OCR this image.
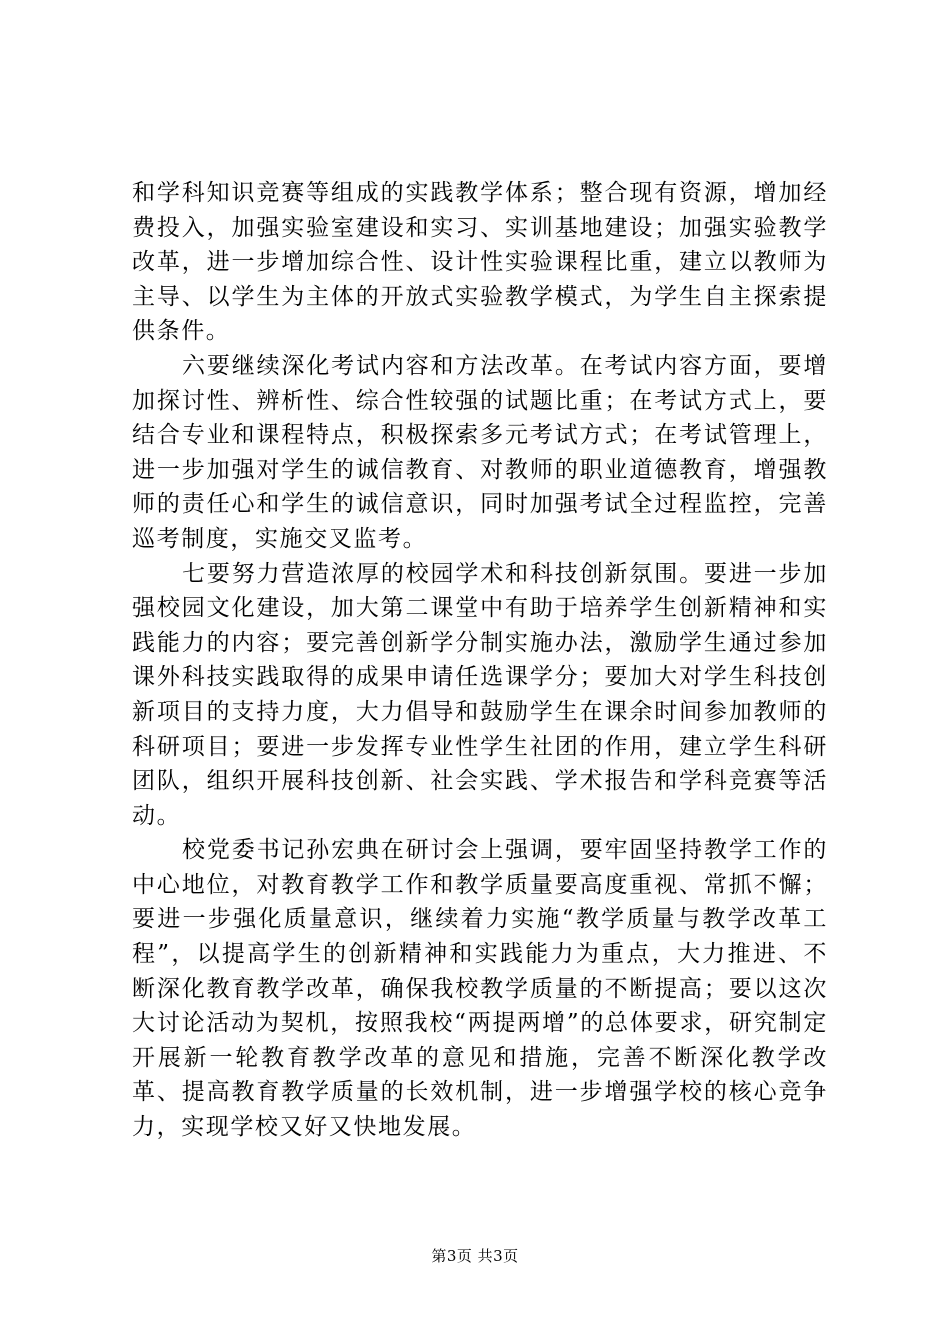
和学科知识竞赛等组成的实践教学体系；整合现有资源，增加经费投入，加强实验室建设和实习、实训基地建设；加强实验教学改革，进一步增加综合性、设计性实验课程比重，建立以教师为主导、以学生为主体的开放式实验教学模式，为学生自主探索提供条件。

六要继续深化考试内容和方法改革。在考试内容方面，要增加探讨性、辨析性、综合性较强的试题比重；在考试方式上，要结合专业和课程特点，积极探索多元考试方式；在考试管理上，进一步加强对学生的诚信教育、对教师的职业道德教育，增强教师的责任心和学生的诚信意识，同时加强考试全过程监控，完善巡考制度，实施交叉监考。

七要努力营造浓厚的校园学术和科技创新氛围。要进一步加强校园文化建设，加大第二课堂中有助于培养学生创新精神和实践能力的内容；要完善创新学分制实施办法，激励学生通过参加课外科技实践取得的成果申请任选课学分；要加大对学生科技创新项目的支持力度，大力倡导和鼓励学生在课余时间参加教师的科研项目；要进一步发挥专业性学生社团的作用，建立学生科研团队，组织开展科技创新、社会实践、学术报告和学科竞赛等活动。

校党委书记孙宏典在研讨会上强调，要牢固坚持教学工作的中心地位，对教育教学工作和教学质量要高度重视、常抓不懈；要进一步强化质量意识，继续着力实施“教学质量与教学改革工程”，以提高学生的创新精神和实践能力为重点，大力推进、不断深化教育教学改革，确保我校教学质量的不断提高；要以这次大讨论活动为契机，按照我校“两提两增”的总体要求，研究制定开展新一轮教育教学改革的意见和措施，完善不断深化教学改革、提高教育教学质量的长效机制，进一步增强学校的核心竞争力，实现学校又好又快地发展。

第3页 共3页
